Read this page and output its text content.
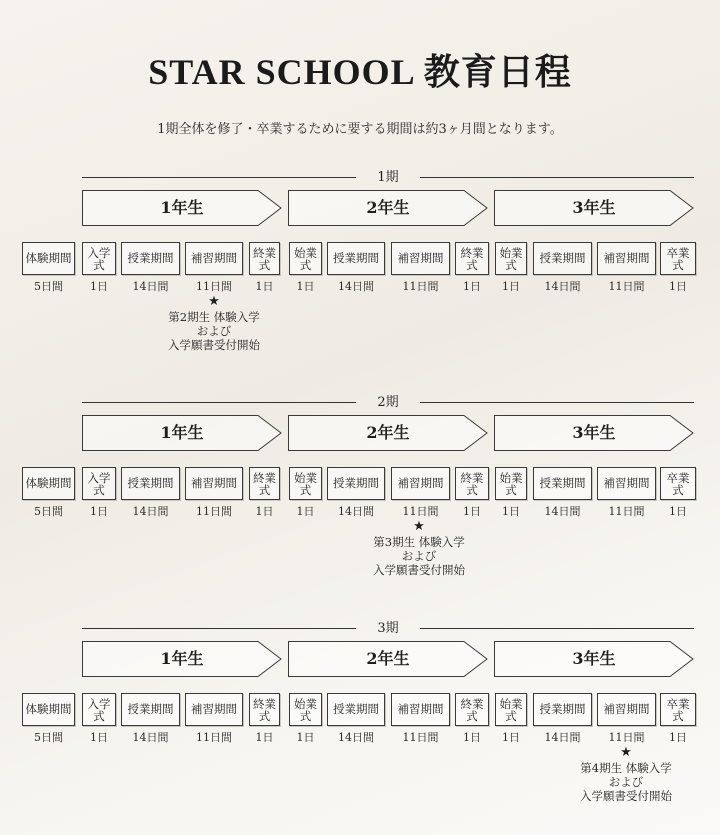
STAR SCHOOL 教育日程
1期全体を修了・卒業するために要する期間は約3ヶ月間となります。
1期
1年生	2年生	3年生
体験期間
5日間
入学
式
1日
授業期間
14日間
補習期間
11日間
終業
式
1日
始業
式
1日
授業期間
14日間
補習期間
11日間
終業
式
1日
始業
式
1日
授業期間
14日間
補習期間
11日間
卒業
式
1日
★
第2期生 体験入学
および
入学願書受付開始
2期
1年生	2年生	3年生
体験期間
5日間
入学
式
1日
授業期間
14日間
補習期間
11日間
終業
式
1日
始業
式
1日
授業期間
14日間
補習期間
11日間
終業
式
1日
始業
式
1日
授業期間
14日間
補習期間
11日間
卒業
式
1日
★
第3期生 体験入学
および
入学願書受付開始
3期
1年生	2年生	3年生
体験期間
5日間
入学
式
1日
授業期間
14日間
補習期間
11日間
終業
式
1日
始業
式
1日
授業期間
14日間
補習期間
11日間
終業
式
1日
始業
式
1日
授業期間
14日間
補習期間
11日間
卒業
式
1日
★
第4期生 体験入学
および
入学願書受付開始
